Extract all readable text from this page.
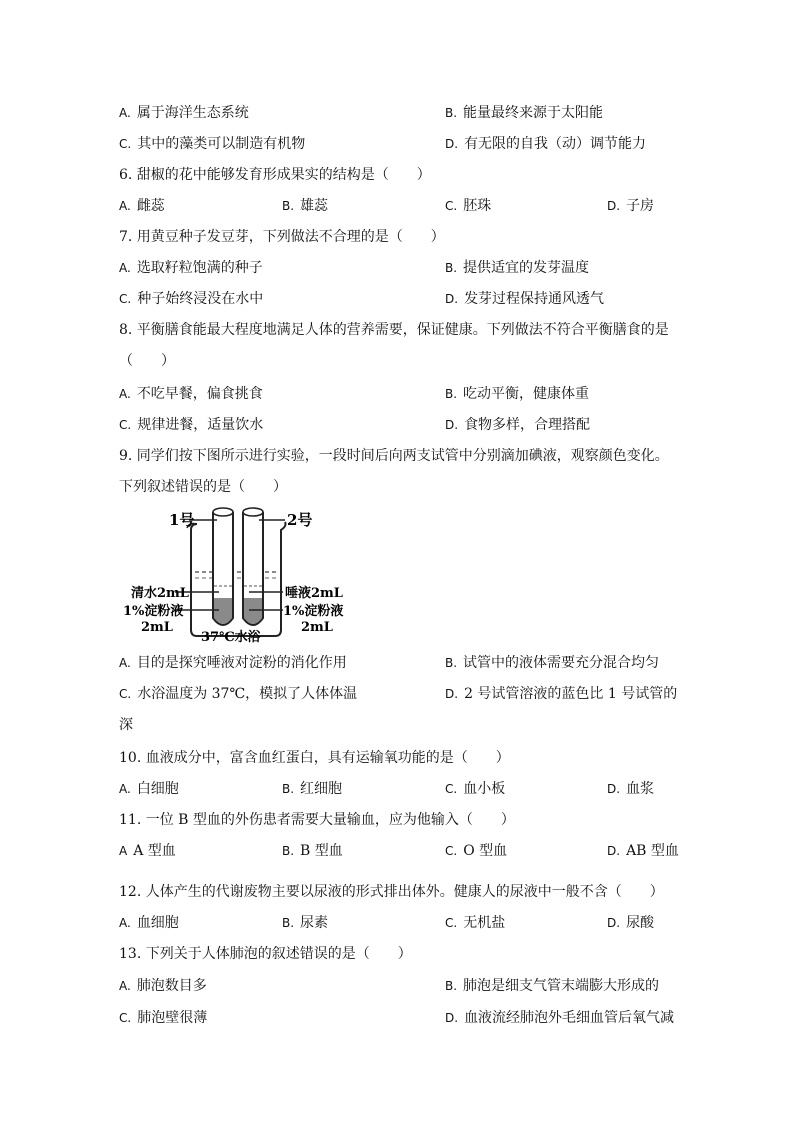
A. 属于海洋生态系统	B. 能量最终来源于太阳能
C. 其中的藻类可以制造有机物	D. 有无限的自我（动）调节能力
6. 甜椒的花中能够发育形成果实的结构是（　　）
A. 雌蕊	B. 雄蕊	C. 胚珠	D. 子房
7. 用黄豆种子发豆芽，下列做法不合理的是（　　）
A. 选取籽粒饱满的种子	B. 提供适宜的发芽温度
C. 种子始终浸没在水中	D. 发芽过程保持通风透气
8. 平衡膳食能最大程度地满足人体的营养需要，保证健康。下列做法不符合平衡膳食的是
（　　）
A. 不吃早餐，偏食挑食	B. 吃动平衡，健康体重
C. 规律进餐，适量饮水	D. 食物多样，合理搭配
9. 同学们按下图所示进行实验，一段时间后向两支试管中分别滴加碘液，观察颜色变化。
下列叙述错误的是（　　）
1号	2号
清水2mL
1%淀粉液
2mL
唾液2mL
1%淀粉液
2mL
37℃水浴
A. 目的是探究唾液对淀粉的消化作用	B. 试管中的液体需要充分混合均匀
C. 水浴温度为 37℃，模拟了人体体温	D. 2 号试管溶液的蓝色比 1 号试管的
深
10. 血液成分中，富含血红蛋白，具有运输氧功能的是（　　）
A. 白细胞	B. 红细胞	C. 血小板	D. 血浆
11. 一位 B 型血的外伤患者需要大量输血，应为他输入（　　）
A A 型血	B. B 型血	C. O 型血	D. AB 型血
12. 人体产生的代谢废物主要以尿液的形式排出体外。健康人的尿液中一般不含（　　）
A. 血细胞	B. 尿素	C. 无机盐	D. 尿酸
13. 下列关于人体肺泡的叙述错误的是（　　）
A. 肺泡数目多	B. 肺泡是细支气管末端膨大形成的
C. 肺泡壁很薄	D. 血液流经肺泡外毛细血管后氧气减
